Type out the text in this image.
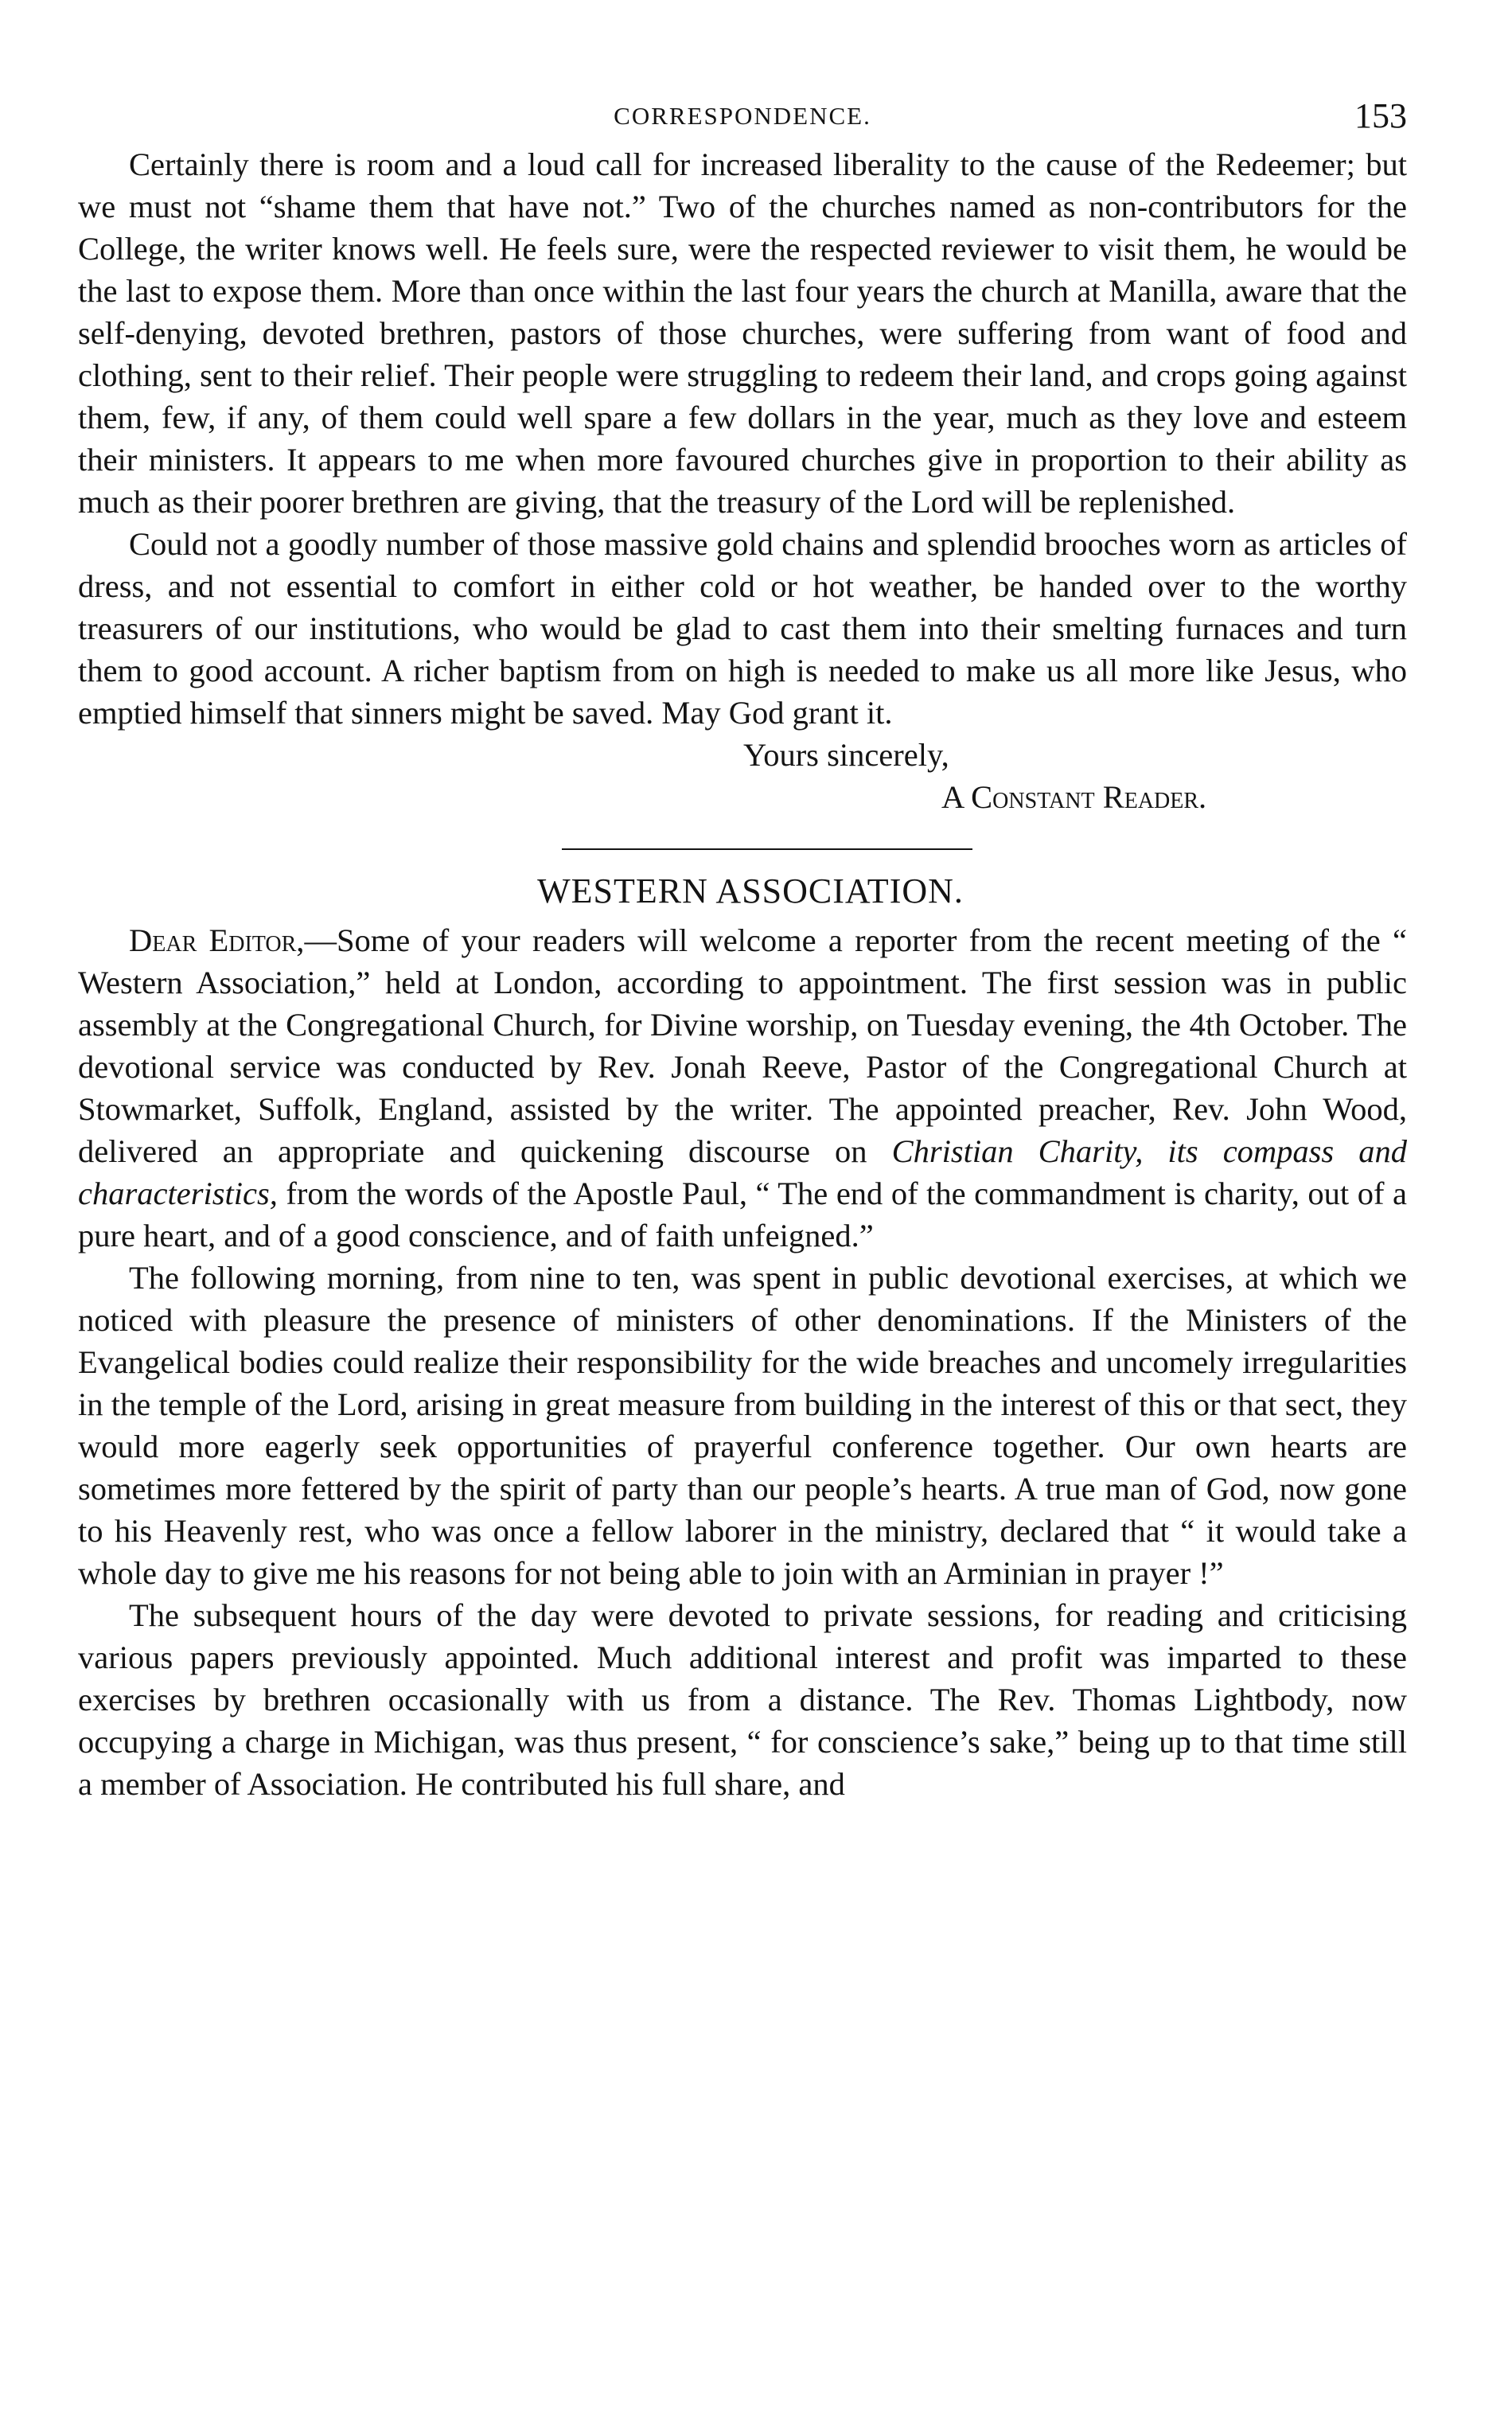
CORRESPONDENCE.	153

Certainly there is room and a loud call for increased liberality to the cause of the Redeemer; but we must not “shame them that have not.” Two of the churches named as non-contributors for the College, the writer knows well. He feels sure, were the respected reviewer to visit them, he would be the last to expose them. More than once within the last four years the church at Manilla, aware that the self-denying, devoted brethren, pastors of those churches, were suffering from want of food and clothing, sent to their relief. Their people were struggling to redeem their land, and crops going against them, few, if any, of them could well spare a few dollars in the year, much as they love and esteem their ministers. It appears to me when more favoured churches give in proportion to their ability as much as their poorer brethren are giving, that the treasury of the Lord will be replenished.

Could not a goodly number of those massive gold chains and splendid brooches worn as articles of dress, and not essential to comfort in either cold or hot weather, be handed over to the worthy treasurers of our institutions, who would be glad to cast them into their smelting furnaces and turn them to good account. A richer baptism from on high is needed to make us all more like Jesus, who emptied himself that sinners might be saved. May God grant it.

Yours sincerely,
A Constant Reader.
WESTERN ASSOCIATION.

Dear Editor,—Some of your readers will welcome a reporter from the recent meeting of the “ Western Association,” held at London, according to appointment. The first session was in public assembly at the Congregational Church, for Divine worship, on Tuesday evening, the 4th October. The devotional service was conducted by Rev. Jonah Reeve, Pastor of the Congregational Church at Stowmarket, Suffolk, England, assisted by the writer. The appointed preacher, Rev. John Wood, delivered an appropriate and quickening discourse on Christian Charity, its compass and characteristics, from the words of the Apostle Paul, “ The end of the commandment is charity, out of a pure heart, and of a good conscience, and of faith unfeigned.”

The following morning, from nine to ten, was spent in public devotional exercises, at which we noticed with pleasure the presence of ministers of other denominations. If the Ministers of the Evangelical bodies could realize their responsibility for the wide breaches and uncomely irregularities in the temple of the Lord, arising in great measure from building in the interest of this or that sect, they would more eagerly seek opportunities of prayerful conference together. Our own hearts are sometimes more fettered by the spirit of party than our people’s hearts. A true man of God, now gone to his Heavenly rest, who was once a fellow laborer in the ministry, declared that “ it would take a whole day to give me his reasons for not being able to join with an Arminian in prayer !”

The subsequent hours of the day were devoted to private sessions, for reading and criticising various papers previously appointed. Much additional interest and profit was imparted to these exercises by brethren occasionally with us from a distance. The Rev. Thomas Lightbody, now occupying a charge in Michigan, was thus present, “ for conscience’s sake,” being up to that time still a member of Association. He contributed his full share, and
